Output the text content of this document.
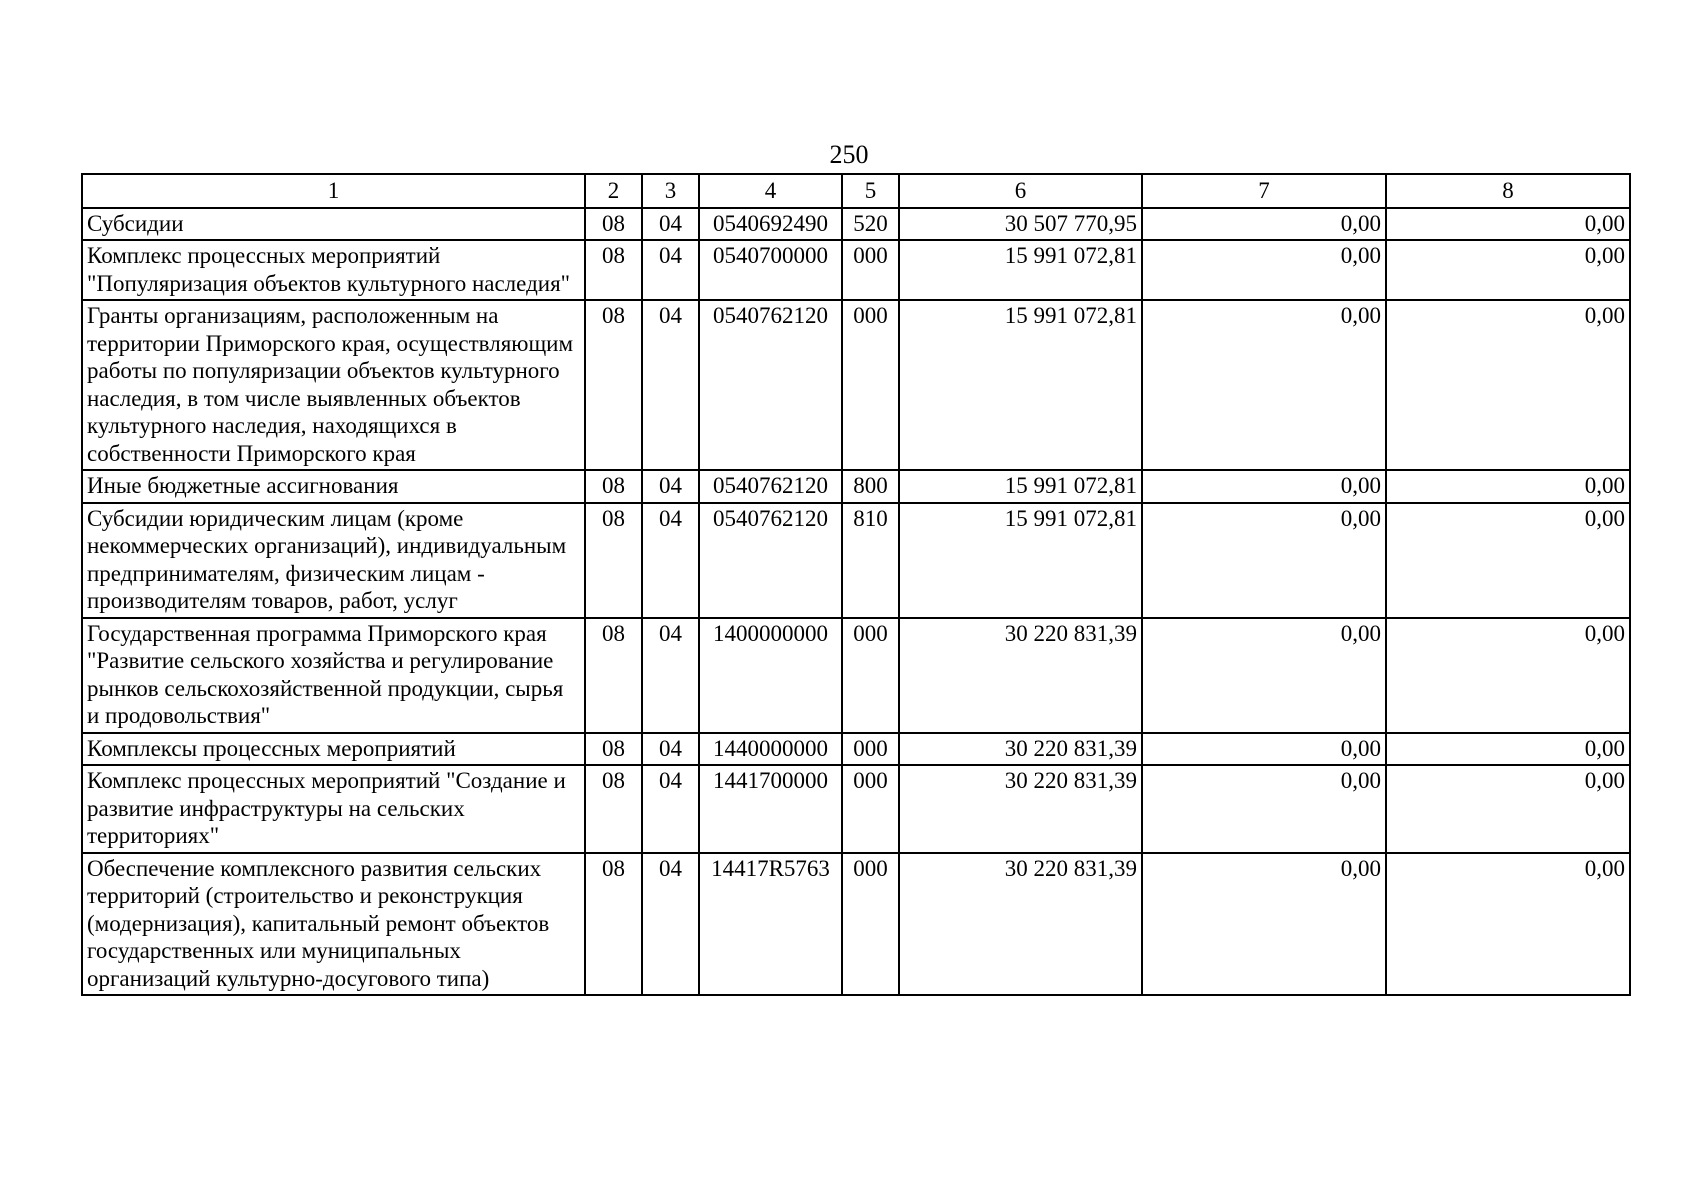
250
1	2	3	4	5	6	7	8
Субсидии	08	04	0540692490	520	30 507 770,95	0,00	0,00
Комплекс процессных мероприятий "Популяризация объектов культурного наследия"	08	04	0540700000	000	15 991 072,81	0,00	0,00
Гранты организациям, расположенным на территории Приморского края, осуществляющим работы по популяризации объектов культурного наследия, в том числе выявленных объектов культурного наследия, находящихся в собственности Приморского края	08	04	0540762120	000	15 991 072,81	0,00	0,00
Иные бюджетные ассигнования	08	04	0540762120	800	15 991 072,81	0,00	0,00
Субсидии юридическим лицам (кроме некоммерческих организаций), индивидуальным предпринимателям, физическим лицам - производителям товаров, работ, услуг	08	04	0540762120	810	15 991 072,81	0,00	0,00
Государственная программа Приморского края "Развитие сельского хозяйства и регулирование рынков сельскохозяйственной продукции, сырья и продовольствия"	08	04	1400000000	000	30 220 831,39	0,00	0,00
Комплексы процессных мероприятий	08	04	1440000000	000	30 220 831,39	0,00	0,00
Комплекс процессных мероприятий "Создание и развитие инфраструктуры на сельских территориях"	08	04	1441700000	000	30 220 831,39	0,00	0,00
Обеспечение комплексного развития сельских территорий (строительство и реконструкция (модернизация), капитальный ремонт объектов государственных или муниципальных организаций культурно-досугового типа)	08	04	14417R5763	000	30 220 831,39	0,00	0,00
